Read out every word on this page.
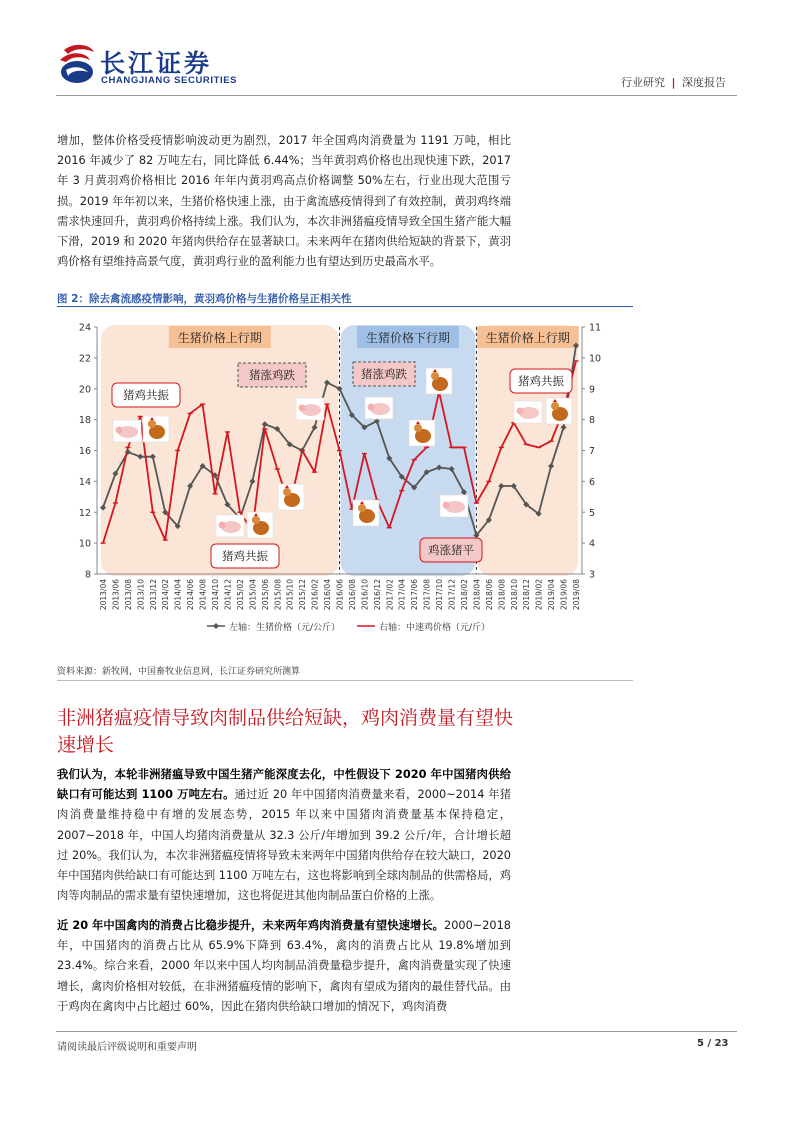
长江证券
CHANGJIANG SECURITIES	行业研究 | 深度报告
增加，整体价格受疫情影响波动更为剧烈，2017 年全国鸡肉消费量为 1191 万吨，相比 2016 年减少了 82 万吨左右，同比降低 6.44%；当年黄羽鸡价格也出现快速下跌，2017 年 3 月黄羽鸡价格相比 2016 年年内黄羽鸡高点价格调整 50%左右，行业出现大范围亏损。2019 年年初以来，生猪价格快速上涨，由于禽流感疫情得到了有效控制，黄羽鸡终端需求快速回升，黄羽鸡价格持续上涨。我们认为，本次非洲猪瘟疫情导致全国生猪产能大幅下滑，2019 和 2020 年猪肉供给存在显著缺口。未来两年在猪肉供给短缺的背景下，黄羽鸡价格有望维持高景气度，黄羽鸡行业的盈利能力也有望达到历史最高水平。
图 2：除去禽流感疫情影响，黄羽鸡价格与生猪价格呈正相关性
生猪价格上行期	生猪价格下行期	生猪价格上行期
猪鸡共振
猪涨鸡跌	猪涨鸡跌
鸡涨猪平
猪鸡共振
猪鸡共振
8
10
12
14
16
18
20
22
24
3
4
5
6
7
8
9
10
11
2013/04 2013/06 2013/08 2013/10 2013/12 2014/02 2014/04 2014/06 2014/08 2014/10 2014/12 2015/02 2015/04 2015/06 2015/08 2015/10 2015/12 2016/02 2016/04 2016/06 2016/08 2016/10 2016/12 2017/02 2017/04 2017/06 2017/08 2017/10 2017/12 2018/02 2018/04 2018/06 2018/08 2018/10 2018/12 2019/02 2019/04 2019/06 2019/08
左轴：生猪价格（元/公斤）	右轴：中速鸡价格（元/斤）
资料来源：新牧网，中国畜牧业信息网，长江证券研究所测算
非洲猪瘟疫情导致肉制品供给短缺，鸡肉消费量有望快速增长
我们认为，本轮非洲猪瘟导致中国生猪产能深度去化，中性假设下 2020 年中国猪肉供给缺口有可能达到 1100 万吨左右。通过近 20 年中国猪肉消费量来看，2000~2014 年猪肉消费量维持稳中有增的发展态势，2015 年以来中国猪肉消费量基本保持稳定，2007~2018 年，中国人均猪肉消费量从 32.3 公斤/年增加到 39.2 公斤/年，合计增长超过 20%。我们认为，本次非洲猪瘟疫情将导致未来两年中国猪肉供给存在较大缺口，2020 年中国猪肉供给缺口有可能达到 1100 万吨左右，这也将影响到全球肉制品的供需格局，鸡肉等肉制品的需求量有望快速增加，这也将促进其他肉制品蛋白价格的上涨。
近 20 年中国禽肉的消费占比稳步提升，未来两年鸡肉消费量有望快速增长。2000~2018 年，中国猪肉的消费占比从 65.9%下降到 63.4%，禽肉的消费占比从 19.8%增加到 23.4%。综合来看，2000 年以来中国人均肉制品消费量稳步提升，禽肉消费量实现了快速增长，禽肉价格相对较低，在非洲猪瘟疫情的影响下，禽肉有望成为猪肉的最佳替代品。由于鸡肉在禽肉中占比超过 60%，因此在猪肉供给缺口增加的情况下，鸡肉消费
请阅读最后评级说明和重要声明	5 / 23
